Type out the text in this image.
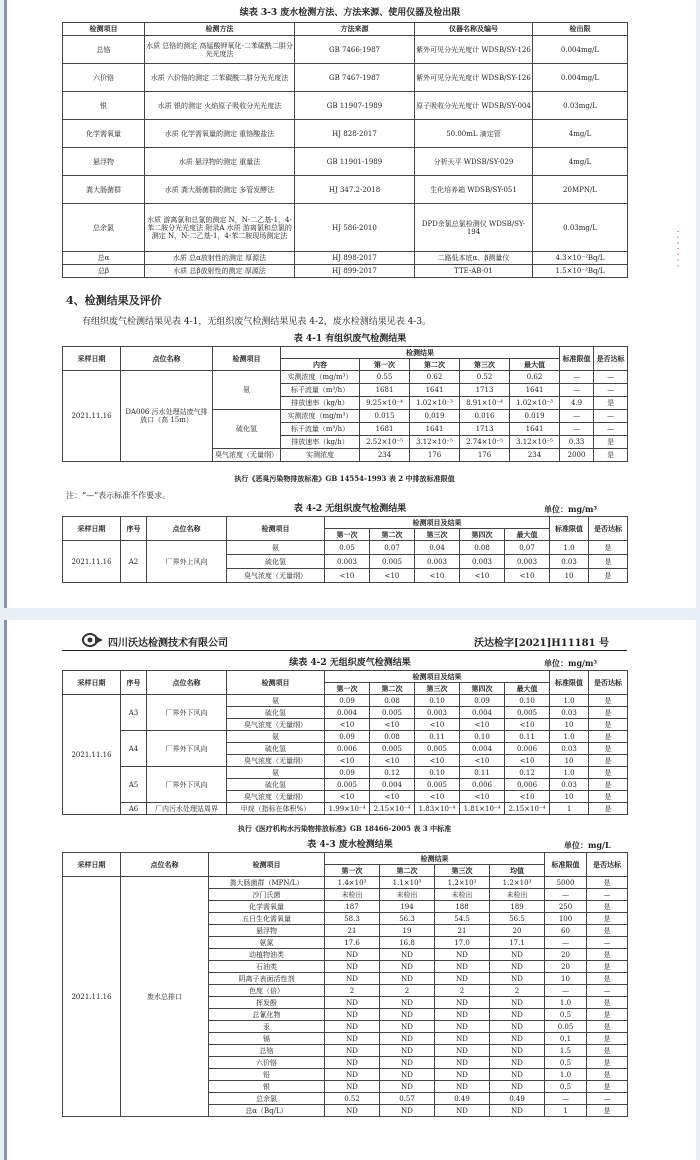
· · · · · · ·

续表 3-3 废水检测方法、方法来源、使用仪器及检出限

检测项目	检测方法	方法来源	仪器名称及编号	检出限
总铬	水质 总铬的测定 高锰酸钾氧化-二苯碳酰二肼分光光度法	GB 7466-1987	紫外可见分光光度计 WDSB/SY-126	0.004mg/L
六价铬	水质 六价铬的测定 二苯碳酰二肼分光光度法	GB 7467-1987	紫外可见分光光度计 WDSB/SY-126	0.004mg/L
银	水质 银的测定 火焰原子吸收分光光度法	GB 11907-1989	原子吸收分光光度计 WDSB/SY-004	0.03mg/L
化学需氧量	水质 化学需氧量的测定 重铬酸盐法	HJ 828-2017	50.00mL 滴定管	4mg/L
悬浮物	水质 悬浮物的测定 重量法	GB 11901-1989	分析天平 WDSB/SY-029	4mg/L
粪大肠菌群	水质 粪大肠菌群的测定 多管发酵法	HJ 347.2-2018	生化培养箱 WDSB/SY-051	20MPN/L
总余氯	水质 游离氯和总氯的测定 N，N-二乙基-1，4-苯二胺分光光度法 附录A 水质 游离氯和总氯的测定 N，N-二乙基-1，4-苯二胺现场测定法	HJ 586-2010	DPD余氯总氯检测仪 WDSB/SY-194	0.03mg/L
总α	水质 总α放射性的测定 厚源法	HJ 898-2017	二路低本底α、β测量仪	4.3×10⁻²Bq/L
总β	水质 总β放射性的测定 厚源法	HJ 899-2017	TTE-AB-01	1.5×10⁻²Bq/L
4、检测结果及评价
有组织废气检测结果见表 4-1，无组织废气检测结果见表 4-2，废水检测结果见表 4-3。

表 4-1 有组织废气检测结果

采样日期	点位名称	检测项目	检测结果					标准限值	是否达标
			内容	第一次	第二次	第三次	最大值		
2021.11.16	DA006 污水处理站废气排放口（高 15m）	氨	实测浓度（mg/m³）	0.55	0.62	0.52	0.62	—	—
			标干流量（m³/h）	1681	1641	1713	1641	—	—
			排放速率（kg/h）	9.25×10⁻⁴	1.02×10⁻³	8.91×10⁻⁴	1.02×10⁻³	4.9	是
		硫化氢	实测浓度（mg/m³）	0.015	0.019	0.016	0.019	—	—
			标干流量（m³/h）	1681	1641	1713	1641	—	—
			排放速率（kg/h）	2.52×10⁻⁵	3.12×10⁻⁵	2.74×10⁻⁵	3.12×10⁻⁵	0.33	是
		臭气浓度（无量纲）	实测浓度	234	176	176	234	2000	是
执行《恶臭污染物排放标准》GB 14554-1993 表 2 中排放标准限值
注：“—”表示标准不作要求。

表 4-2 无组织废气检测结果	单位：mg/m³
采样日期	序号	点位名称	检测项目	检测项目及结果					标准限值	是否达标
				第一次	第二次	第三次	第四次	最大值		
2021.11.16	A2	厂界外上风向	氨	0.05	0.07	0.04	0.08	0.07	1.0	是
			硫化氢	0.003	0.005	0.003	0.003	0.003	0.03	是
			臭气浓度（无量纲）	<10	<10	<10	<10	<10	10	是
四川沃达检测技术有限公司	沃达检字[2021]H11181 号

续表 4-2 无组织废气检测结果	单位：mg/m³
采样日期	序号	点位名称	检测项目	检测项目及结果					标准限值	是否达标
				第一次	第二次	第三次	第四次	最大值		
2021.11.16	A3	厂界外下风向	氨	0.09	0.08	0.10	0.09	0.10	1.0	是
			硫化氢	0.004	0.005	0.003	0.004	0.005	0.03	是
			臭气浓度（无量纲）	<10	<10	<10	<10	<10	10	是
	A4	厂界外下风向	氨	0.09	0.08	0.11	0.10	0.11	1.0	是
			硫化氢	0.006	0.005	0.005	0.004	0.006	0.03	是
			臭气浓度（无量纲）	<10	<10	<10	<10	<10	10	是
	A5	厂界外下风向	氨	0.09	0.12	0.10	0.11	0.12	1.0	是
			硫化氢	0.005	0.004	0.005	0.006	0.006	0.03	是
			臭气浓度（无量纲）	<10	<10	<10	<10	<10	10	是
	A6	厂内污水处理站周界	甲烷（指标在体积%）	1.99×10⁻⁴	2.15×10⁻⁴	1.83×10⁻⁴	1.81×10⁻⁴	2.15×10⁻⁴	1	是
执行《医疗机构水污染物排放标准》GB 18466-2005 表 3 中标准

表 4-3 废水检测结果	单位：mg/L
采样日期	点位名称	检测项目	检测结果				标准限值	是否达标
			第一次	第二次	第三次	均值		
2021.11.16	废水总排口	粪大肠菌群（MPN/L）	1.4×10³	1.1×10³	1.2×10³	1.2×10³	5000	是
		沙门氏菌	未检出	未检出	未检出	未检出	—	—
		化学需氧量	187	194	188	189	250	是
		五日生化需氧量	58.3	56.3	54.5	56.5	100	是
		悬浮物	21	19	21	20	60	是
		氨氮	17.6	16.8	17.0	17.1	—	—
		动植物油类	ND	ND	ND	ND	20	是
		石油类	ND	ND	ND	ND	20	是
		阴离子表面活性剂	ND	ND	ND	ND	10	是
		色度（倍）	2	2	2	2	—	—
		挥发酚	ND	ND	ND	ND	1.0	是
		总氰化物	ND	ND	ND	ND	0.5	是
		汞	ND	ND	ND	ND	0.05	是
		镉	ND	ND	ND	ND	0.1	是
		总铬	ND	ND	ND	ND	1.5	是
		六价铬	ND	ND	ND	ND	0.5	是
		铅	ND	ND	ND	ND	1.0	是
		银	ND	ND	ND	ND	0.5	是
		总余氯	0.52	0.57	0.49	0.49	—	—
		总α（Bq/L）	ND	ND	ND	ND	1	是
